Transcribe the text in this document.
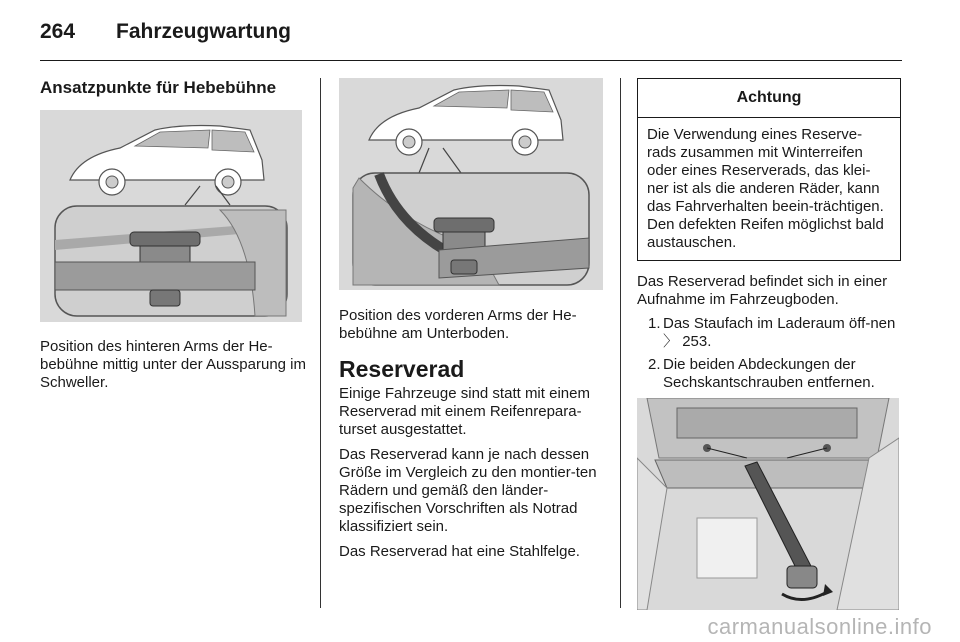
264 Fahrzeugwartung
Ansatzpunkte für Hebebühne

Position des hinteren Arms der He-bebühne mittig unter der Aussparung im Schweller.

Position des vorderen Arms der He-bebühne am Unterboden.

Reserverad

Einige Fahrzeuge sind statt mit einem Reserverad mit einem Reifenrepara-turset ausgestattet.

Das Reserverad kann je nach dessen Größe im Vergleich zu den montier-ten Rädern und gemäß den länder-spezifischen Vorschriften als Notrad klassifiziert sein.

Das Reserverad hat eine Stahlfelge.

Achtung
Die Verwendung eines Reserve-rads zusammen mit Winterreifen oder eines Reserverads, das klei-ner ist als die anderen Räder, kann das Fahrverhalten beein-trächtigen. Den defekten Reifen möglichst bald austauschen.

Das Reserverad befindet sich in einer Aufnahme im Fahrzeugboden.

1. Das Staufach im Laderaum öff-nen 〉 253.
2. Die beiden Abdeckungen der Sechskantschrauben entfernen.
carmanualsonline.info
